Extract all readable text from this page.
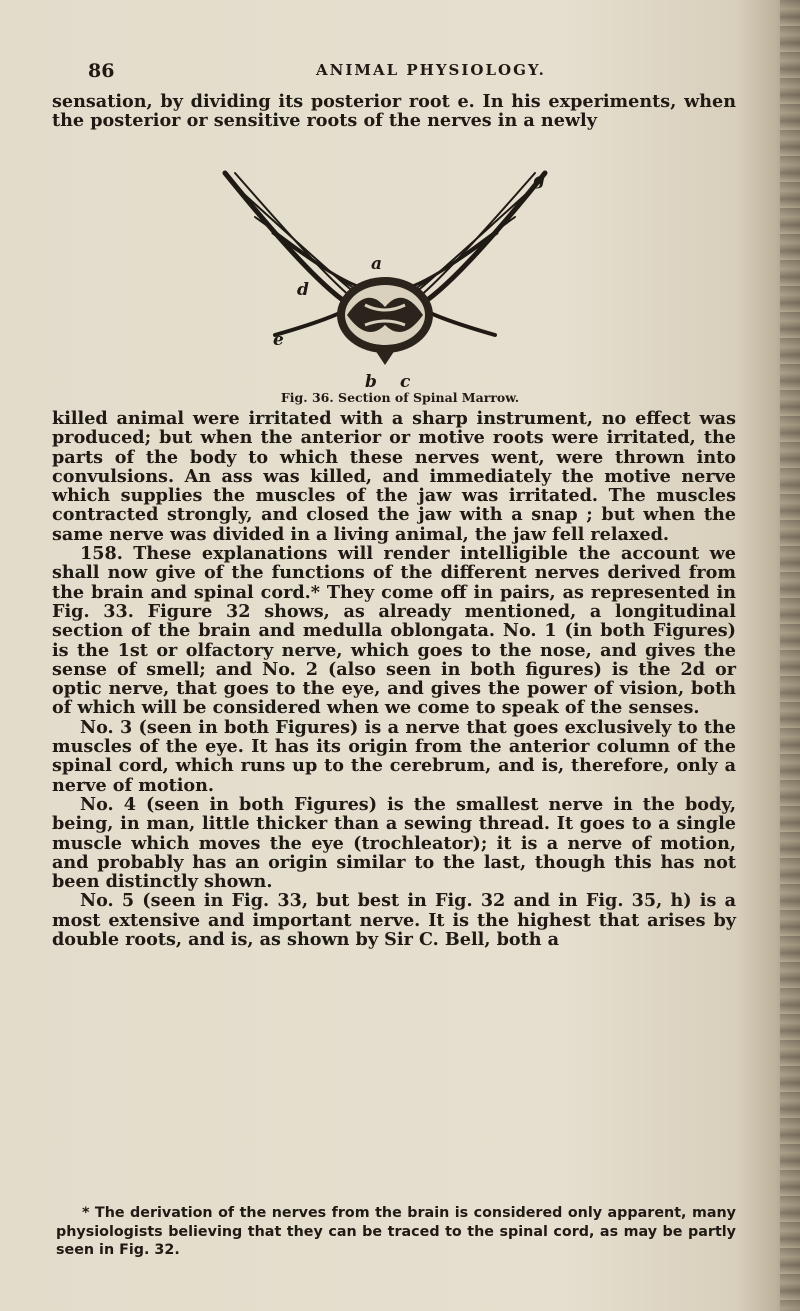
86	ANIMAL PHYSIOLOGY.

sensation, by dividing its posterior root e. In his experiments, when the posterior or sensitive roots of the nerves in a newly

d
a
e
b c
g
Fig. 36. Section of Spinal Marrow.

killed animal were irritated with a sharp instrument, no effect was produced; but when the anterior or motive roots were irritated, the parts of the body to which these nerves went, were thrown into convulsions. An ass was killed, and immediately the motive nerve which supplies the muscles of the jaw was irritated. The muscles contracted strongly, and closed the jaw with a snap ; but when the same nerve was divided in a living animal, the jaw fell relaxed.

158. These explanations will render intelligible the account we shall now give of the functions of the different nerves derived from the brain and spinal cord.* They come off in pairs, as represented in Fig. 33. Figure 32 shows, as already mentioned, a longitudinal section of the brain and medulla oblongata. No. 1 (in both Figures) is the 1st or olfactory nerve, which goes to the nose, and gives the sense of smell; and No. 2 (also seen in both figures) is the 2d or optic nerve, that goes to the eye, and gives the power of vision, both of which will be considered when we come to speak of the senses.

No. 3 (seen in both Figures) is a nerve that goes exclusively to the muscles of the eye. It has its origin from the anterior column of the spinal cord, which runs up to the cerebrum, and is, therefore, only a nerve of motion.

No. 4 (seen in both Figures) is the smallest nerve in the body, being, in man, little thicker than a sewing thread. It goes to a single muscle which moves the eye (trochleator); it is a nerve of motion, and probably has an origin similar to the last, though this has not been distinctly shown.

No. 5 (seen in Fig. 33, but best in Fig. 32 and in Fig. 35, h) is a most extensive and important nerve. It is the highest that arises by double roots, and is, as shown by Sir C. Bell, both a

* The derivation of the nerves from the brain is considered only apparent, many physiologists believing that they can be traced to the spinal cord, as may be partly seen in Fig. 32.
